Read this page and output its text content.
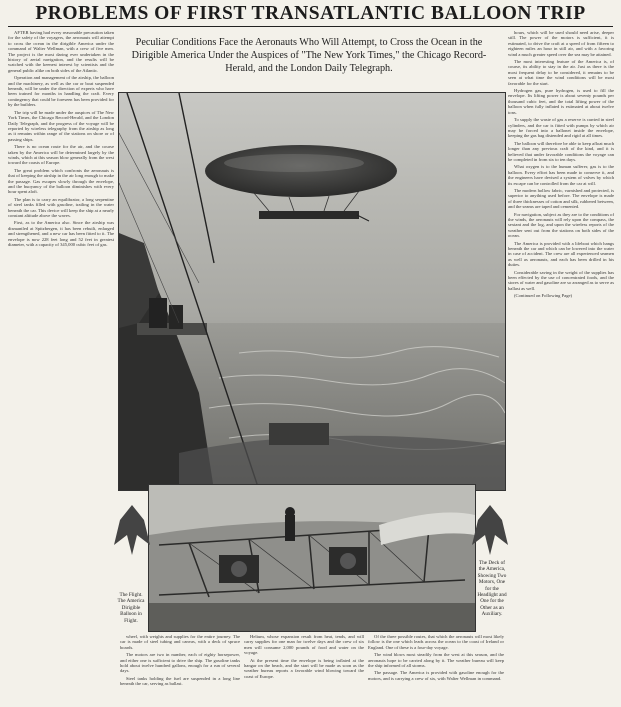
PROBLEMS OF FIRST TRANSATLANTIC BALLOON TRIP

AFTER having had every reasonable precaution taken for the safety of the voyagers, the aeronauts will attempt to cross the ocean in the dirigible America under the command of Walter Wellman, with a crew of five men. The project is the most daring ever undertaken in the history of aerial navigation, and the results will be watched with the keenest interest by scientists and the general public alike on both sides of the Atlantic.

Operation and management of the airship, the balloon and the machinery, as well as the car or boat suspended beneath, will be under the direction of experts who have been trained for months in handling the craft. Every contingency that could be foreseen has been provided for by the builders.

The trip will be made under the auspices of The New York Times, the Chicago Record-Herald, and the London Daily Telegraph, and the progress of the voyage will be reported by wireless telegraphy from the airship as long as it remains within range of the stations on shore or of passing ships.

There is no ocean route for the air, and the course taken by the America will be determined largely by the winds, which at this season blow generally from the west toward the coasts of Europe.

The great problem which confronts the aeronauts is that of keeping the airship in the air long enough to make the passage. Gas escapes slowly through the envelope, and the buoyancy of the balloon diminishes with every hour spent aloft.

The plan is to carry an equilibrator, a long serpentine of steel tanks filled with gasoline, trailing in the water beneath the car. This device will keep the ship at a nearly constant altitude above the waves.

First, as to the America also. Since the airship was dismantled at Spitzbergen, it has been rebuilt, enlarged and strengthened, and a new car has been fitted to it. The envelope is now 228 feet long and 52 feet in greatest diameter, with a capacity of 345,000 cubic feet of gas.

Peculiar Conditions Face the Aeronauts Who Will Attempt, to Cross the Ocean in the Dirigible America Under the Auspices of "The New York Times," the Chicago Record-Herald, and the London Daily Telegraph.

hours, which will be used should need arise, deeper still. The power of the motors is sufficient, it is estimated, to drive the craft at a speed of from fifteen to eighteen miles an hour in still air, and with a favoring wind a much greater speed over the sea may be attained.

The most interesting feature of the America is, of course, its ability to stay in the air. Just as there is the most frequent delay to be considered, it remains to be seen at what time the wind conditions will be most favorable for the start.

Hydrogen gas, pure hydrogen, is used to fill the envelope. Its lifting power is about seventy pounds per thousand cubic feet, and the total lifting power of the balloon when fully inflated is estimated at about twelve tons.

To supply the waste of gas a reserve is carried in steel cylinders, and the car is fitted with pumps by which air may be forced into a ballonet inside the envelope, keeping the gas bag distended and rigid at all times.

The balloon will therefore be able to keep afloat much longer than any previous craft of the kind, and it is believed that under favorable conditions the voyage can be completed in from six to ten days.

What oxygen is to the human sufferer, gas is to the balloon. Every effort has been made to conserve it, and the engineers have devised a system of valves by which its escape can be controlled from the car at will.

The modern hollow fabric, varnished and protected, is superior to anything used before. The envelope is made of three thicknesses of cotton and silk, rubbered between, and the seams are taped and cemented.

For navigation, subject as they are to the conditions of the winds, the aeronauts will rely upon the compass, the sextant and the log, and upon the wireless reports of the weather sent out from the stations on both sides of the ocean.

The America is provided with a lifeboat which hangs beneath the car and which can be lowered into the water in case of accident. The crew are all experienced seamen as well as aeronauts, and each has been drilled in his duties.

Considerable saving in the weight of the supplies has been effected by the use of concentrated foods, and the stores of water and gasoline are so arranged as to serve as ballast as well.

(Continued on Following Page)

The Flight. The America Dirigible Balloon in Flight.
The Deck of the America, Showing Two Motors, One for the Headlight and One for the Other as an Auxiliary.

wheel, with weights and supplies for the entire journey. The car is made of steel tubing and canvas, with a deck of spruce boards.

The motors are two in number, each of eighty horsepower, and either one is sufficient to drive the ship. The gasoline tanks hold about twelve hundred gallons, enough for a run of several days.

Steel tanks holding the fuel are suspended in a long line beneath the car, serving as ballast.

Helium, whose expansion result from heat, tends, and will carry supplies for one man for twelve days and the crew of six men will consume 2,000 pounds of food and water on the voyage.

At the present time the envelope is being inflated at the hangar on the beach, and the start will be made as soon as the weather bureau reports a favorable wind blowing toward the coast of Europe.

Of the three possible routes, that which the aeronauts will most likely follow is the one which leads across the ocean to the coast of Ireland or England. One of these is a four-day voyage.

The wind blows most steadily from the west at this season, and the aeronauts hope to be carried along by it. The weather bureau will keep the ship informed of all storms.

The passage. The America is provided with gasoline enough for the motors, and is carrying a crew of six, with Walter Wellman in command.
